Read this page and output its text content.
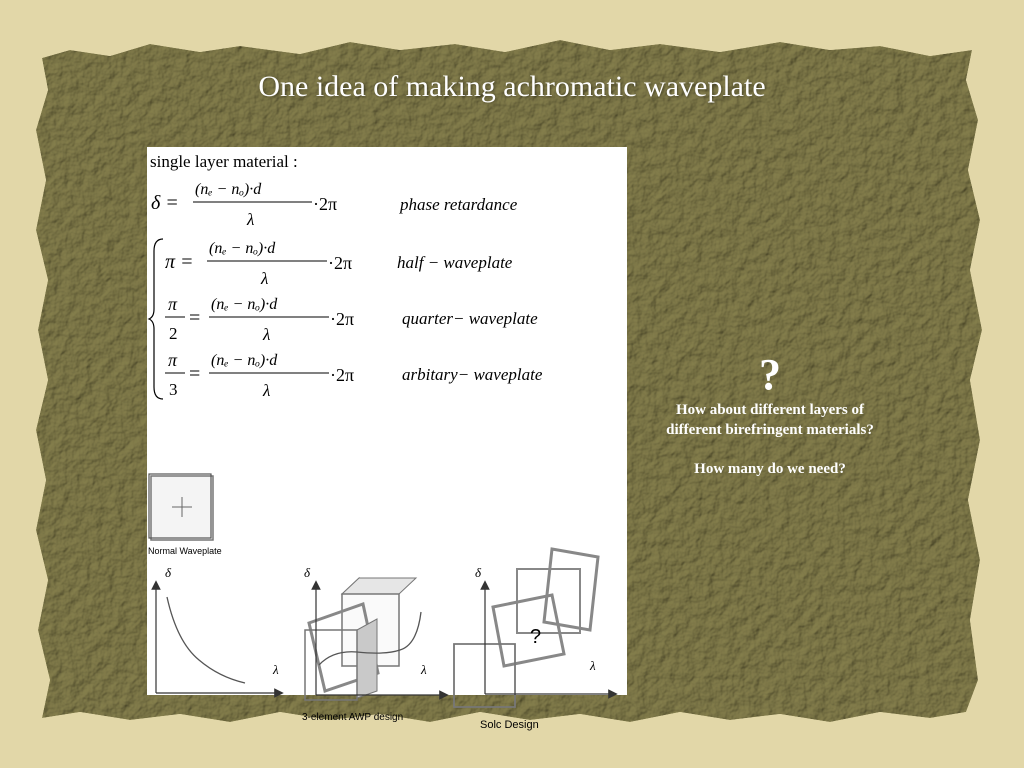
One idea of making achromatic waveplate
single layer material :
δ =
(nₑ − nₒ)·d
λ
·2π	phase retardance
π =
(nₑ − nₒ)·d
λ
·2π	half − waveplate
π
2
=
(nₑ − nₒ)·d
λ
·2π	quarter− waveplate
π
3
=
(nₑ − nₒ)·d
λ
·2π	arbitary− waveplate
Normal Waveplate
Solc Design
3-element AWP design
δ
λ
δ
λ
δ
?
λ
?
How about different layers of
different birefringent materials?
How many do we need?
